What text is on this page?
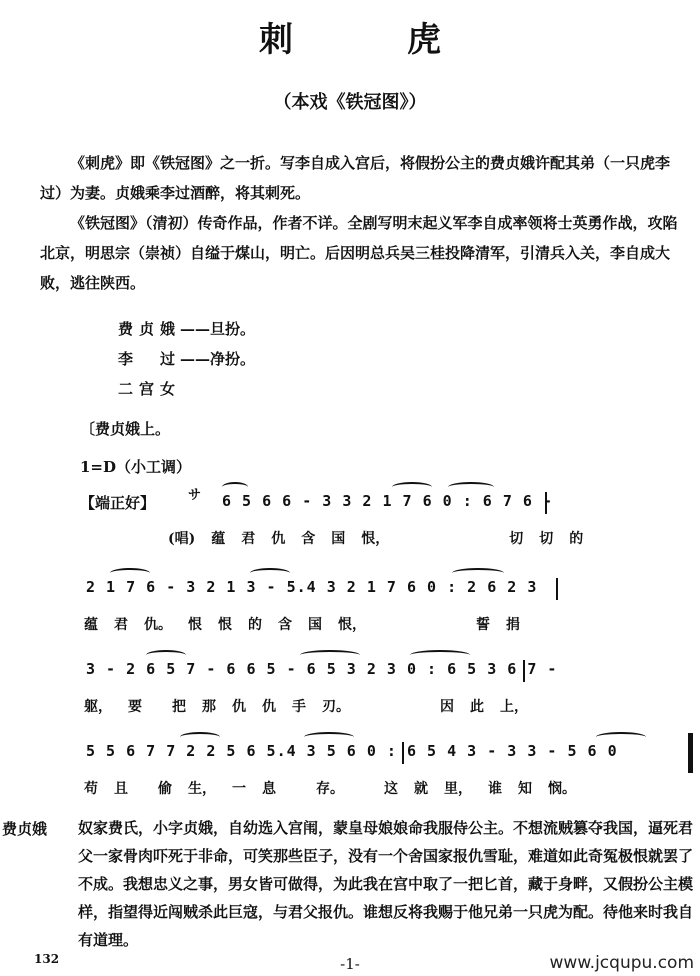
刺　虎
（本戏《铁冠图》）
《刺虎》即《铁冠图》之一折。写李自成入宫后，将假扮公主的费贞娥许配其弟（一只虎李过）为妻。贞娥乘李过酒醉，将其刺死。
《铁冠图》（清初）传奇作品，作者不详。全剧写明末起义军李自成率领将士英勇作战，攻陷北京，明思宗（崇祯）自缢于煤山，明亡。后因明总兵吴三桂投降清军，引清兵入关，李自成大败，逃往陕西。
费贞娥——旦扮。
李　过——净扮。
二宫女
〔费贞娥上。
1=D（小工调）
【端正好】	サ 6 5 6 6 - 3 3 2 1 7 6 0 : 6 7 6 -
(唱) 蕴 君 仇 含 国 恨，	切 切 的
2 1 7 6 - 3 2 1 3 - 5.4 3 2 1 7 6 0 : 2 6 2 3
蕴 君 仇。 恨 恨 的 含 国 恨，	誓 捐
3 - 2 6 5 7 - 6 6 5 - 6 5 3 2 3 0 : 6 5 3 6 7 -
躯， 要 把 那 仇 仇 手 刃。	因 此 上，
5 5 6 7 7 2 2 5 6 5.4 3 5 6 0 : 6 5 4 3 - 3 3 - 5 6 0
苟 且 偷 生， 一 息	存。	这 就 里， 谁 知 悯。
费贞娥 奴家费氏，小字贞娥，自幼选入宫闱，蒙皇母娘娘命我服侍公主。不想流贼篡夺我国，逼死君父一家骨肉吓死于非命，可笑那些臣子，没有一个舍国家报仇雪耻，难道如此奇冤极恨就罢了不成。我想忠义之事，男女皆可做得，为此我在宫中取了一把匕首，藏于身畔，又假扮公主模样，指望得近闯贼杀此巨寇，与君父报仇。谁想反将我赐于他兄弟一只虎为配。待他来时我自有道理。
132	-1-	www.jcqupu.com
